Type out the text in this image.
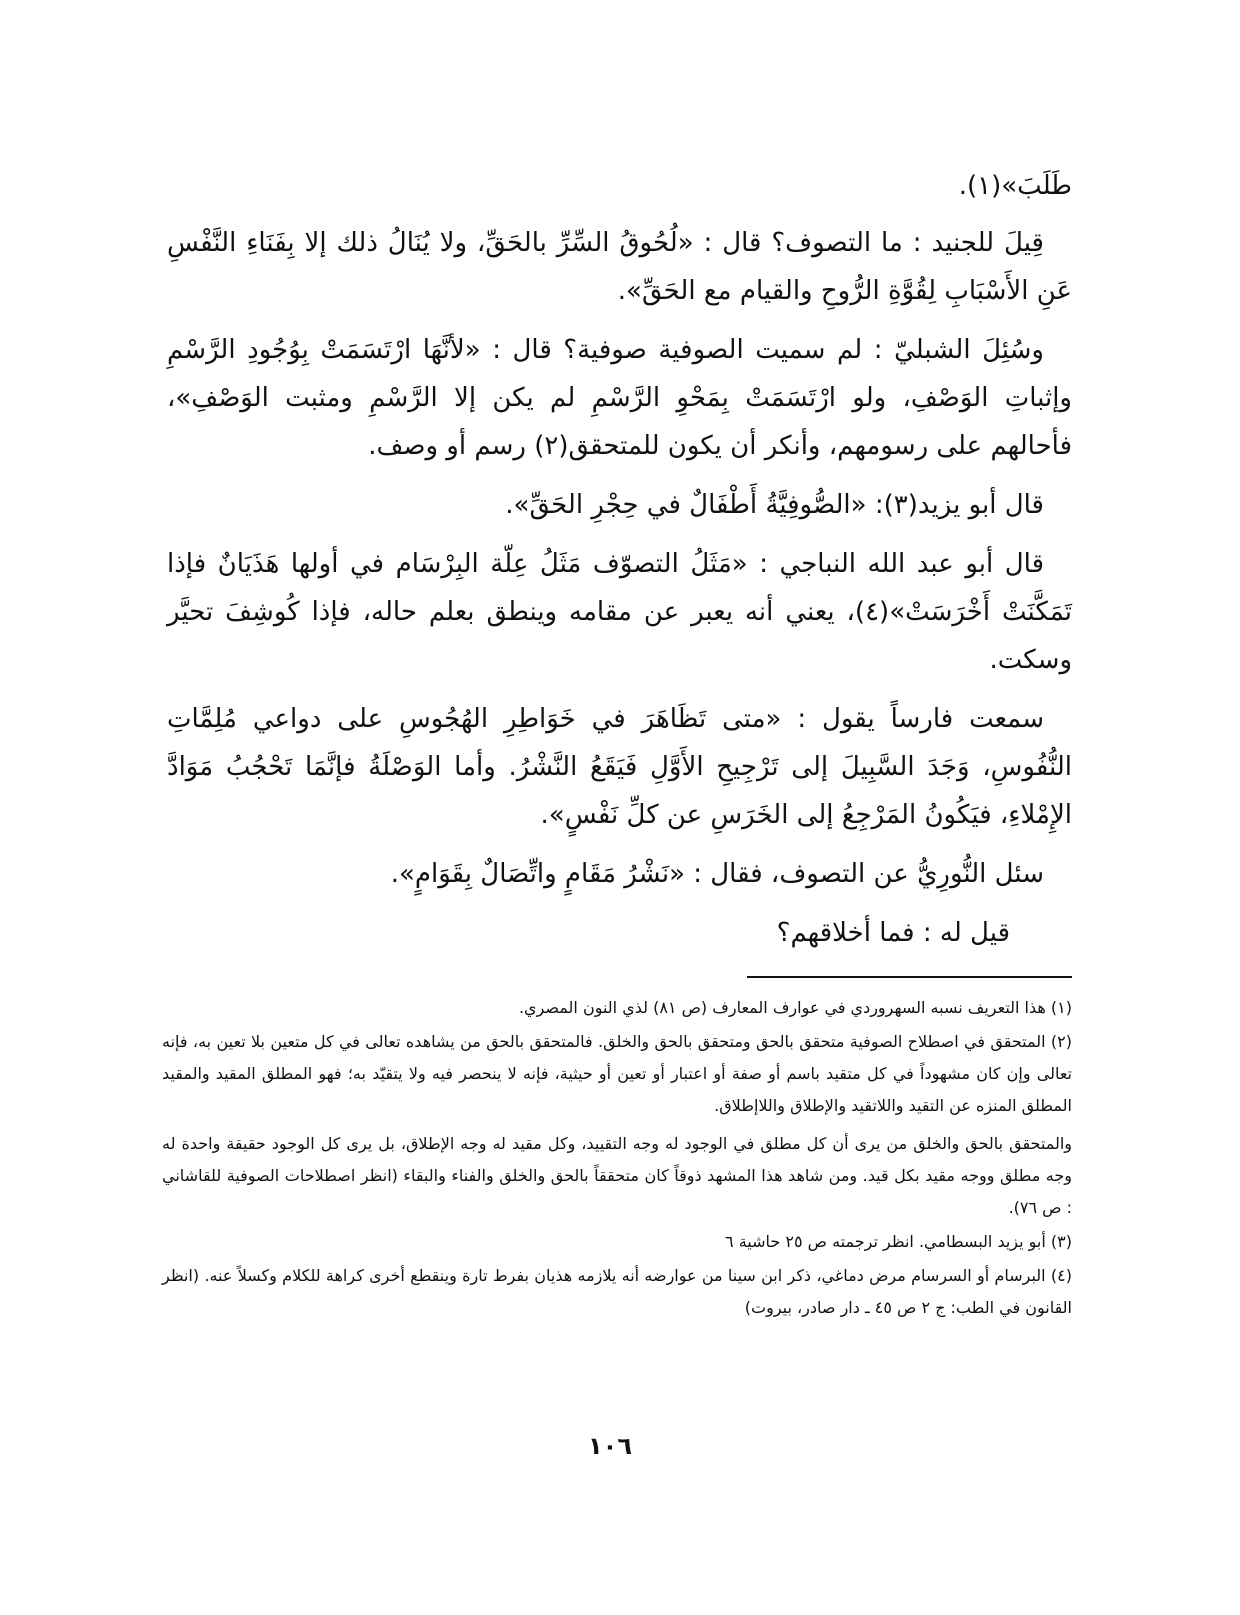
طَلَبَ»(١).

قِيلَ للجنيد : ما التصوف؟ قال : «لُحُوقُ السِّرِّ بالحَقِّ، ولا يُنَالُ ذلك إلا بِفَنَاءِ النَّفْسِ عَنِ الأَسْبَابِ لِقُوَّةِ الرُّوحِ والقيام مع الحَقِّ».

وسُئِلَ الشبليّ : لم سميت الصوفية صوفية؟ قال : «لأنَّهَا ارْتَسَمَتْ بِوُجُودِ الرَّسْمِ وإثباتِ الوَصْفِ، ولو ارْتَسَمَتْ بِمَحْوِ الرَّسْمِ لم يكن إلا الرَّسْمِ ومثبت الوَصْفِ»، فأحالهم على رسومهم، وأنكر أن يكون للمتحقق(٢) رسم أو وصف.

قال أبو يزيد(٣): «الصُّوفِيَّةُ أَطْفَالٌ في حِجْرِ الحَقِّ».

قال أبو عبد الله النباجي : «مَثَلُ التصوّف مَثَلُ عِلّة البِرْسَام في أولها هَذَيَانٌ فإذا تَمَكَّنَتْ أَخْرَسَتْ»(٤)، يعني أنه يعبر عن مقامه وينطق بعلم حاله، فإذا كُوشِفَ تحيَّر وسكت.

سمعت فارساً يقول : «متى تَظَاهَرَ في خَوَاطِرِ الهُجُوسِ على دواعي مُلِمَّاتِ النُّفُوسِ، وَجَدَ السَّبِيلَ إلى تَرْجِيحِ الأَوَّلِ فَيَقَعُ النَّشْرُ. وأما الوَصْلَةُ فإنَّمَا تَحْجُبُ مَوَادَّ الإِمْلاءِ، فيَكُونُ المَرْجِعُ إلى الخَرَسِ عن كلِّ نَفْسٍ».

سئل النُّورِيُّ عن التصوف، فقال : «نَشْرُ مَقَامٍ واتِّصَالٌ بِقَوَامٍ».

قيل له : فما أخلاقهم؟

(١) هذا التعريف نسبه السهروردي في عوارف المعارف (ص ٨١) لذي النون المصري.

(٢) المتحقق في اصطلاح الصوفية متحقق بالحق ومتحقق بالحق والخلق. فالمتحقق بالحق من يشاهده تعالى في كل متعين بلا تعين به، فإنه تعالى وإن كان مشهوداً في كل متقيد باسم أو صفة أو اعتبار أو تعين أو حيثية، فإنه لا ينحصر فيه ولا يتقيّد به؛ فهو المطلق المقيد والمقيد المطلق المنزه عن التقيد واللاتقيد والإطلاق واللاإطلاق.

والمتحقق بالحق والخلق من يرى أن كل مطلق في الوجود له وجه التقييد، وكل مقيد له وجه الإطلاق، بل يرى كل الوجود حقيقة واحدة له وجه مطلق ووجه مقيد بكل قيد. ومن شاهد هذا المشهد ذوقاً كان متحققاً بالحق والخلق والفناء والبقاء (انظر اصطلاحات الصوفية للقاشاني : ص ٧٦).

(٣) أبو يزيد البسطامي. انظر ترجمته ص ٢٥ حاشية ٦

(٤) البرسام أو السرسام مرض دماغي، ذكر ابن سينا من عوارضه أنه يلازمه هذيان بفرط تارة وينقطع أخرى كراهة للكلام وكسلاً عنه. (انظر القانون في الطب: ج ٢ ص ٤٥ ـ دار صادر، بيروت)

١٠٦
